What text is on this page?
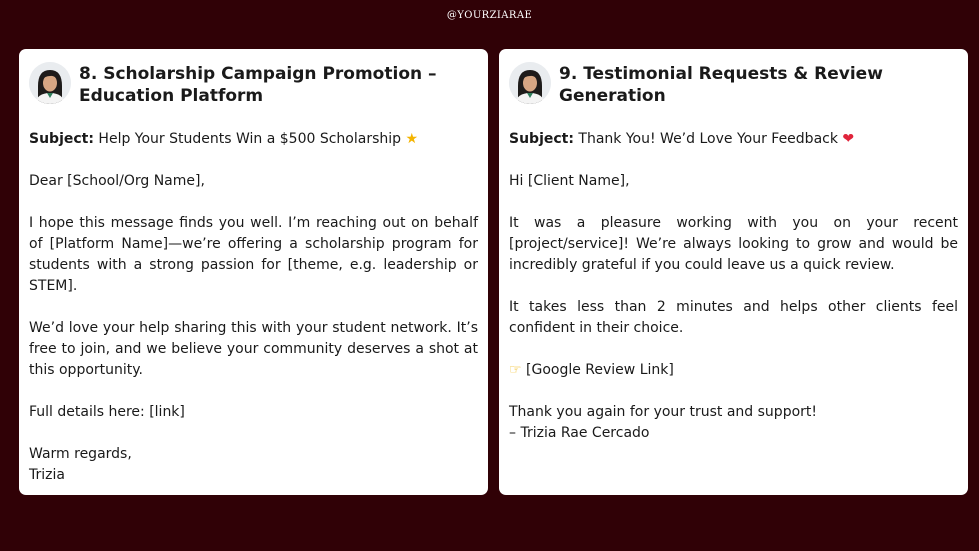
@YOURZIARAE
8. Scholarship Campaign Promotion – Education Platform

Subject: Help Your Students Win a $500 Scholarship ★

Dear [School/Org Name],

I hope this message finds you well. I’m reaching out on behalf of [Platform Name]—we’re offering a scholarship program for students with a strong passion for [theme, e.g. leadership or STEM].

We’d love your help sharing this with your student network. It’s free to join, and we believe your community deserves a shot at this opportunity.

Full details here: [link]

Warm regards,
Trizia

9. Testimonial Requests & Review Generation

Subject: Thank You! We’d Love Your Feedback ❤

Hi [Client Name],

It was a pleasure working with you on your recent [project/service]! We’re always looking to grow and would be incredibly grateful if you could leave us a quick review.

It takes less than 2 minutes and helps other clients feel confident in their choice.

☞ [Google Review Link]

Thank you again for your trust and support!
– Trizia Rae Cercado
